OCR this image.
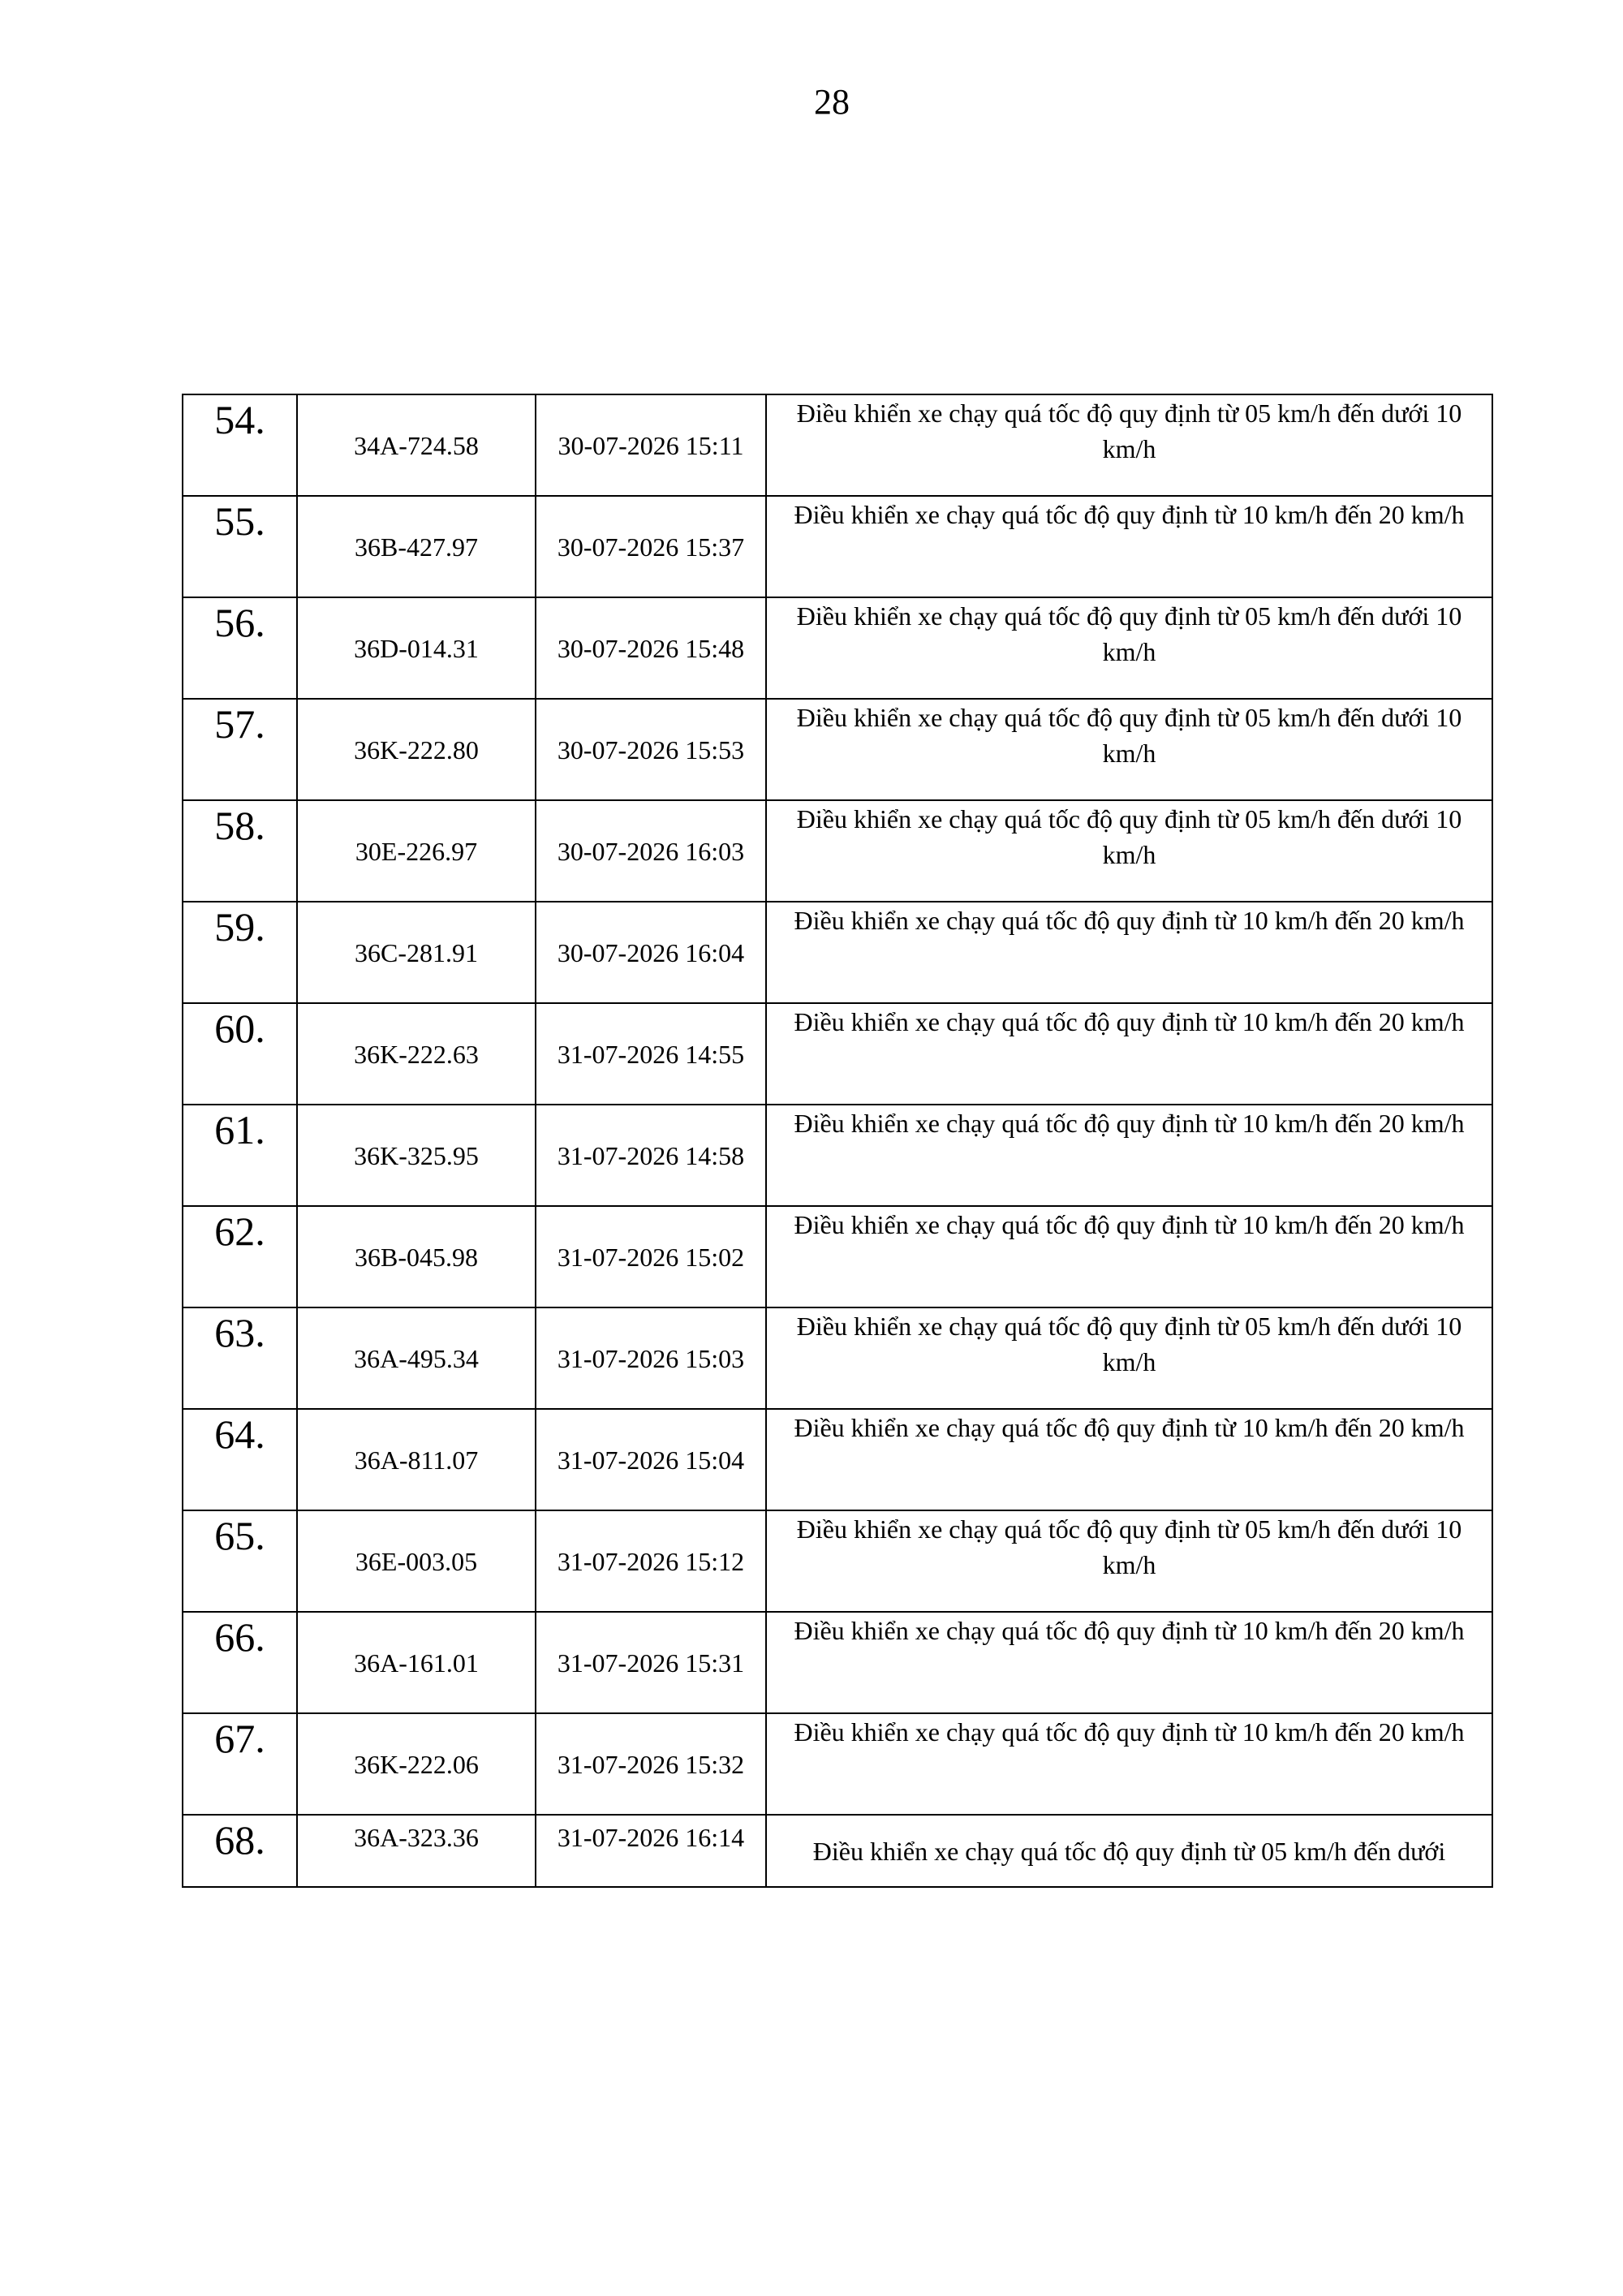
28
54.	34A-724.58	30-07-2026 15:11	Điều khiển xe chạy quá tốc độ quy định từ 05 km/h đến dưới 10 km/h
55.	36B-427.97	30-07-2026 15:37	Điều khiển xe chạy quá tốc độ quy định từ 10 km/h đến 20 km/h
56.	36D-014.31	30-07-2026 15:48	Điều khiển xe chạy quá tốc độ quy định từ 05 km/h đến dưới 10 km/h
57.	36K-222.80	30-07-2026 15:53	Điều khiển xe chạy quá tốc độ quy định từ 05 km/h đến dưới 10 km/h
58.	30E-226.97	30-07-2026 16:03	Điều khiển xe chạy quá tốc độ quy định từ 05 km/h đến dưới 10 km/h
59.	36C-281.91	30-07-2026 16:04	Điều khiển xe chạy quá tốc độ quy định từ 10 km/h đến 20 km/h
60.	36K-222.63	31-07-2026 14:55	Điều khiển xe chạy quá tốc độ quy định từ 10 km/h đến 20 km/h
61.	36K-325.95	31-07-2026 14:58	Điều khiển xe chạy quá tốc độ quy định từ 10 km/h đến 20 km/h
62.	36B-045.98	31-07-2026 15:02	Điều khiển xe chạy quá tốc độ quy định từ 10 km/h đến 20 km/h
63.	36A-495.34	31-07-2026 15:03	Điều khiển xe chạy quá tốc độ quy định từ 05 km/h đến dưới 10 km/h
64.	36A-811.07	31-07-2026 15:04	Điều khiển xe chạy quá tốc độ quy định từ 10 km/h đến 20 km/h
65.	36E-003.05	31-07-2026 15:12	Điều khiển xe chạy quá tốc độ quy định từ 05 km/h đến dưới 10 km/h
66.	36A-161.01	31-07-2026 15:31	Điều khiển xe chạy quá tốc độ quy định từ 10 km/h đến 20 km/h
67.	36K-222.06	31-07-2026 15:32	Điều khiển xe chạy quá tốc độ quy định từ 10 km/h đến 20 km/h
68.	36A-323.36	31-07-2026 16:14	Điều khiển xe chạy quá tốc độ quy định từ 05 km/h đến dưới
